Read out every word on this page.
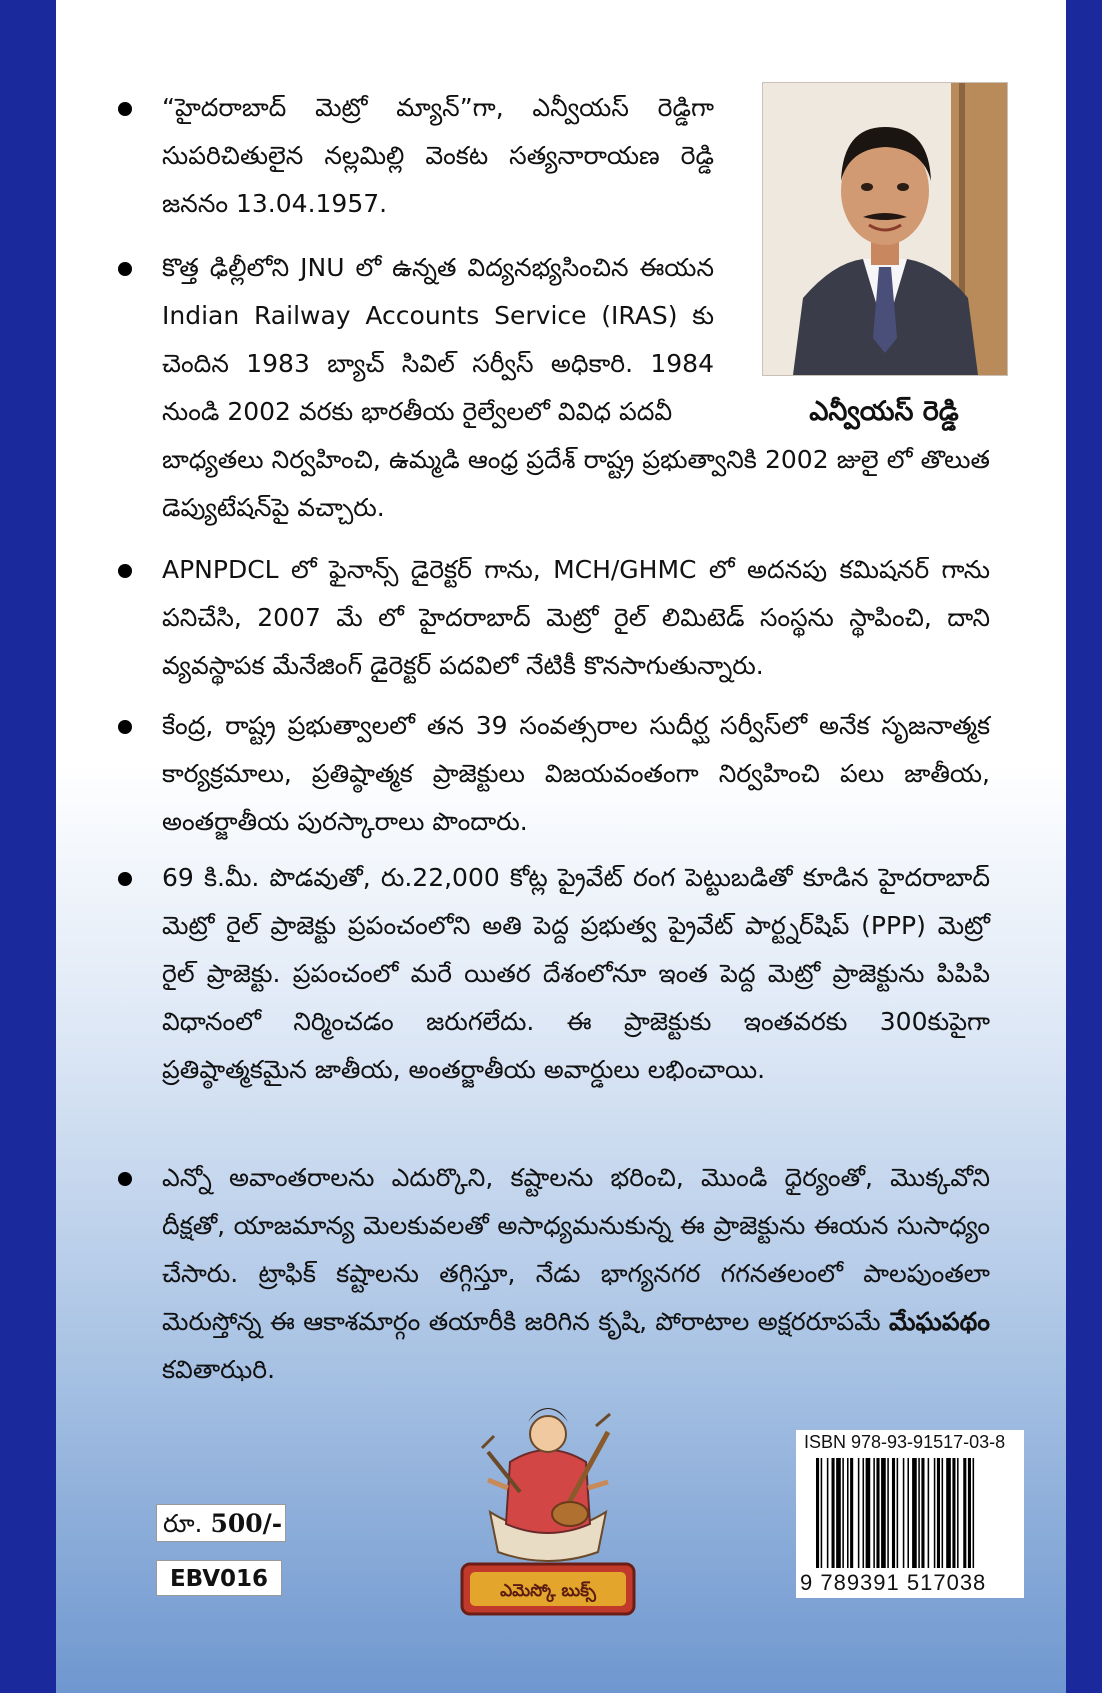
ఎన్వీయస్ రెడ్డి
“హైదరాబాద్ మెట్రో మ్యాన్”గా, ఎన్వీయస్ రెడ్డిగా సుపరిచితులైన నల్లమిల్లి వెంకట సత్యనారాయణ రెడ్డి జననం 13.04.1957.
కొత్త ఢిల్లీలోని JNU లో ఉన్నత విద్యనభ్యసించిన ఈయన Indian Railway Accounts Service (IRAS) కు చెందిన 1983 బ్యాచ్ సివిల్ సర్వీస్ అధికారి. 1984 నుండి 2002 వరకు భారతీయ రైల్వేలలో వివిధ పదవీ
బాధ్యతలు నిర్వహించి, ఉమ్మడి ఆంధ్ర ప్రదేశ్ రాష్ట్ర ప్రభుత్వానికి 2002 జులై లో తొలుత డెప్యుటేషన్‌పై వచ్చారు.
APNPDCL లో ఫైనాన్స్ డైరెక్టర్ గాను, MCH/GHMC లో అదనపు కమిషనర్ గాను పనిచేసి, 2007 మే లో హైదరాబాద్ మెట్రో రైల్ లిమిటెడ్ సంస్థను స్థాపించి, దాని వ్యవస్థాపక మేనేజింగ్ డైరెక్టర్ పదవిలో నేటికీ కొనసాగుతున్నారు.
కేంద్ర, రాష్ట్ర ప్రభుత్వాలలో తన 39 సంవత్సరాల సుదీర్ఘ సర్వీస్‌లో అనేక సృజనాత్మక కార్యక్రమాలు, ప్రతిష్ఠాత్మక ప్రాజెక్టులు విజయవంతంగా నిర్వహించి పలు జాతీయ, అంతర్జాతీయ పురస్కారాలు పొందారు.
69 కి.మీ. పొడవుతో, రు.22,000 కోట్ల ప్రైవేట్ రంగ పెట్టుబడితో కూడిన హైదరాబాద్ మెట్రో రైల్ ప్రాజెక్టు ప్రపంచంలోని అతి పెద్ద ప్రభుత్వ ప్రైవేట్ పార్ట్నర్‌షిప్ (PPP) మెట్రో రైల్ ప్రాజెక్టు. ప్రపంచంలో మరే యితర దేశంలోనూ ఇంత పెద్ద మెట్రో ప్రాజెక్టును పిపిపి విధానంలో నిర్మించడం జరుగలేదు. ఈ ప్రాజెక్టుకు ఇంతవరకు 300కుపైగా ప్రతిష్ఠాత్మకమైన జాతీయ, అంతర్జాతీయ అవార్డులు లభించాయి.
ఎన్నో అవాంతరాలను ఎదుర్కొని, కష్టాలను భరించి, మొండి ధైర్యంతో, మొక్కవోని దీక్షతో, యాజమాన్య మెలకువలతో అసాధ్యమనుకున్న ఈ ప్రాజెక్టును ఈయన సుసాధ్యం చేసారు. ట్రాఫిక్ కష్టాలను తగ్గిస్తూ, నేడు భాగ్యనగర గగనతలంలో పాలపుంతలా మెరుస్తోన్న ఈ ఆకాశమార్గం తయారీకి జరిగిన కృషి, పోరాటాల అక్షరరూపమే మేఘపథం కవితాఝరి.
రూ. 500/-
EBV016	ఎమెస్కో బుక్స్
ISBN 978-93-91517-03-8
9 789391 517038
